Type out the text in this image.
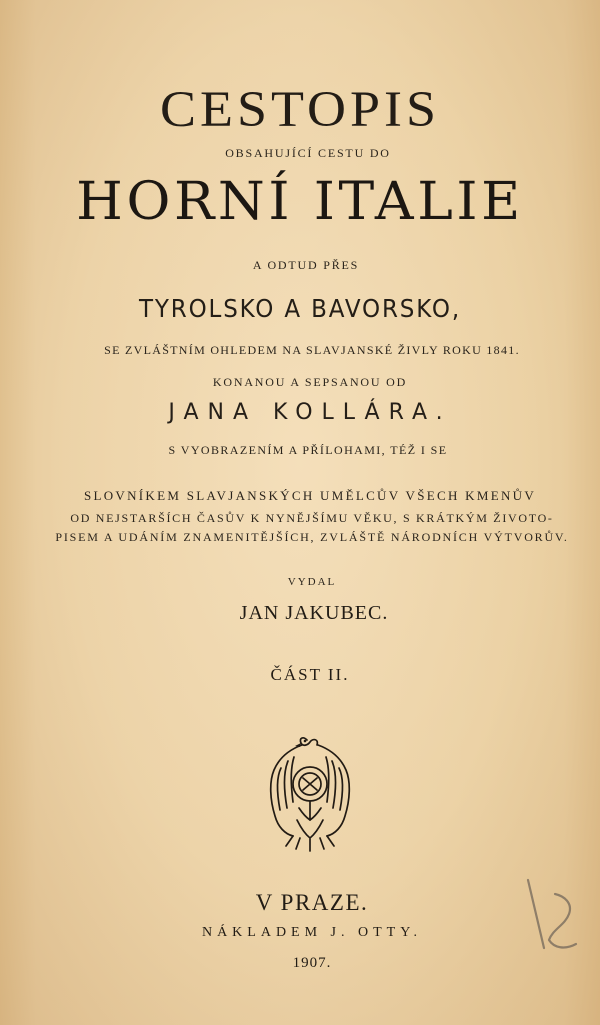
CESTOPIS
OBSAHUJÍCÍ CESTU DO
HORNÍ ITALIE
A ODTUD PŘES
TYROLSKO A BAVORSKO,
SE ZVLÁŠTNÍM OHLEDEM NA SLAVJANSKÉ ŽIVLY ROKU 1841.
KONANOU A SEPSANOU OD
JANA KOLLÁRA.
S VYOBRAZENÍM A PŘÍLOHAMI, TÉŽ I SE
SLOVNÍKEM SLAVJANSKÝCH UMĚLCŮV VŠECH KMENŮV
OD NEJSTARŠÍCH ČASŮV K NYNĚJŠÍMU VĚKU, S KRÁTKÝM ŽIVOTO-
PISEM A UDÁNÍM ZNAMENITĚJŠÍCH, ZVLÁŠTĚ NÁRODNÍCH VÝTVORŮV.
VYDAL
JAN JAKUBEC.
ČÁST II.
V PRAZE.
NÁKLADEM J. OTTY.
1907.
